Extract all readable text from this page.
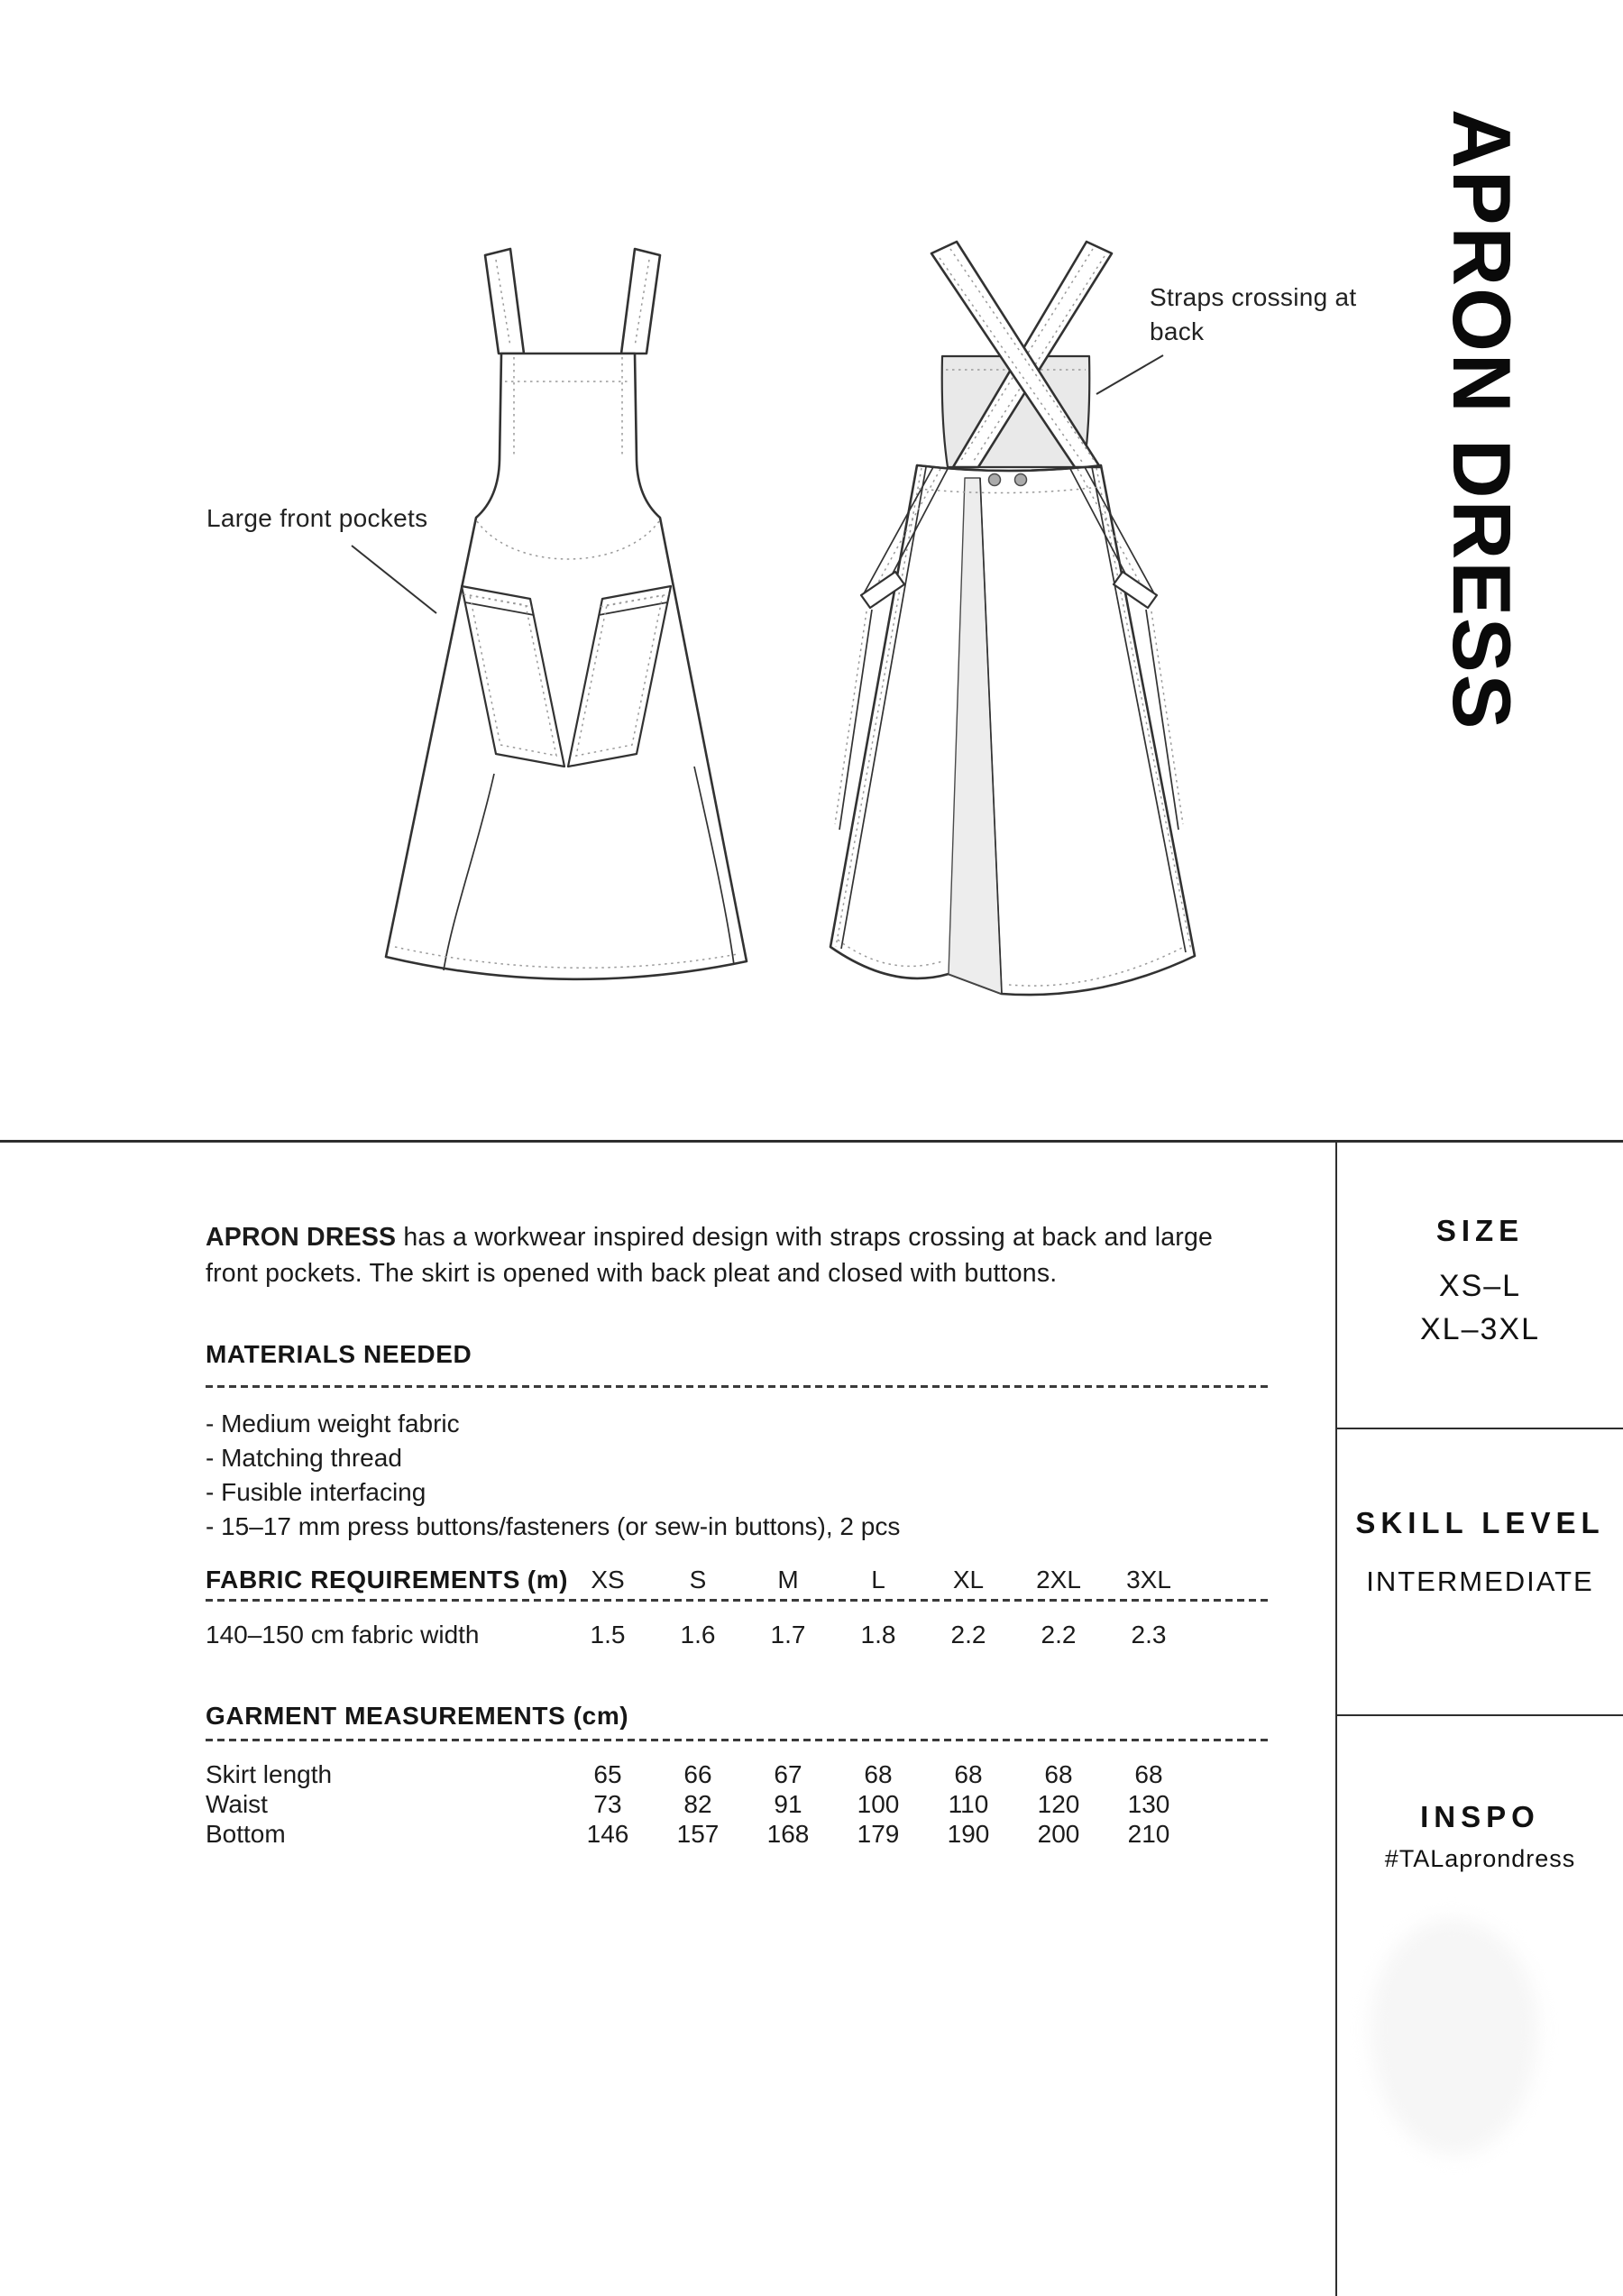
Large front pockets
Straps crossing at back	APRON DRESS
APRON DRESS has a workwear inspired design with straps crossing at back and large front pockets. The skirt is opened with back pleat and closed with buttons.
MATERIALS NEEDED
- Medium weight fabric
- Matching thread
- Fusible interfacing
- 15–17 mm press buttons/fasteners (or sew-in buttons), 2 pcs
FABRIC REQUIREMENTS (m) XS	S	M	L	XL	2XL	3XL
140–150 cm fabric width	1.5	1.6	1.7	1.8	2.2	2.2	2.3
GARMENT MEASUREMENTS (cm)
Skirt length	65	66	67	68	68	68	68
Waist	73	82	91	100	110	120	130
Bottom	146	157	168	179	190	200	210
SIZE
XS–L
XL–3XL
SKILL LEVEL
INTERMEDIATE
INSPO
#TALaprondress
